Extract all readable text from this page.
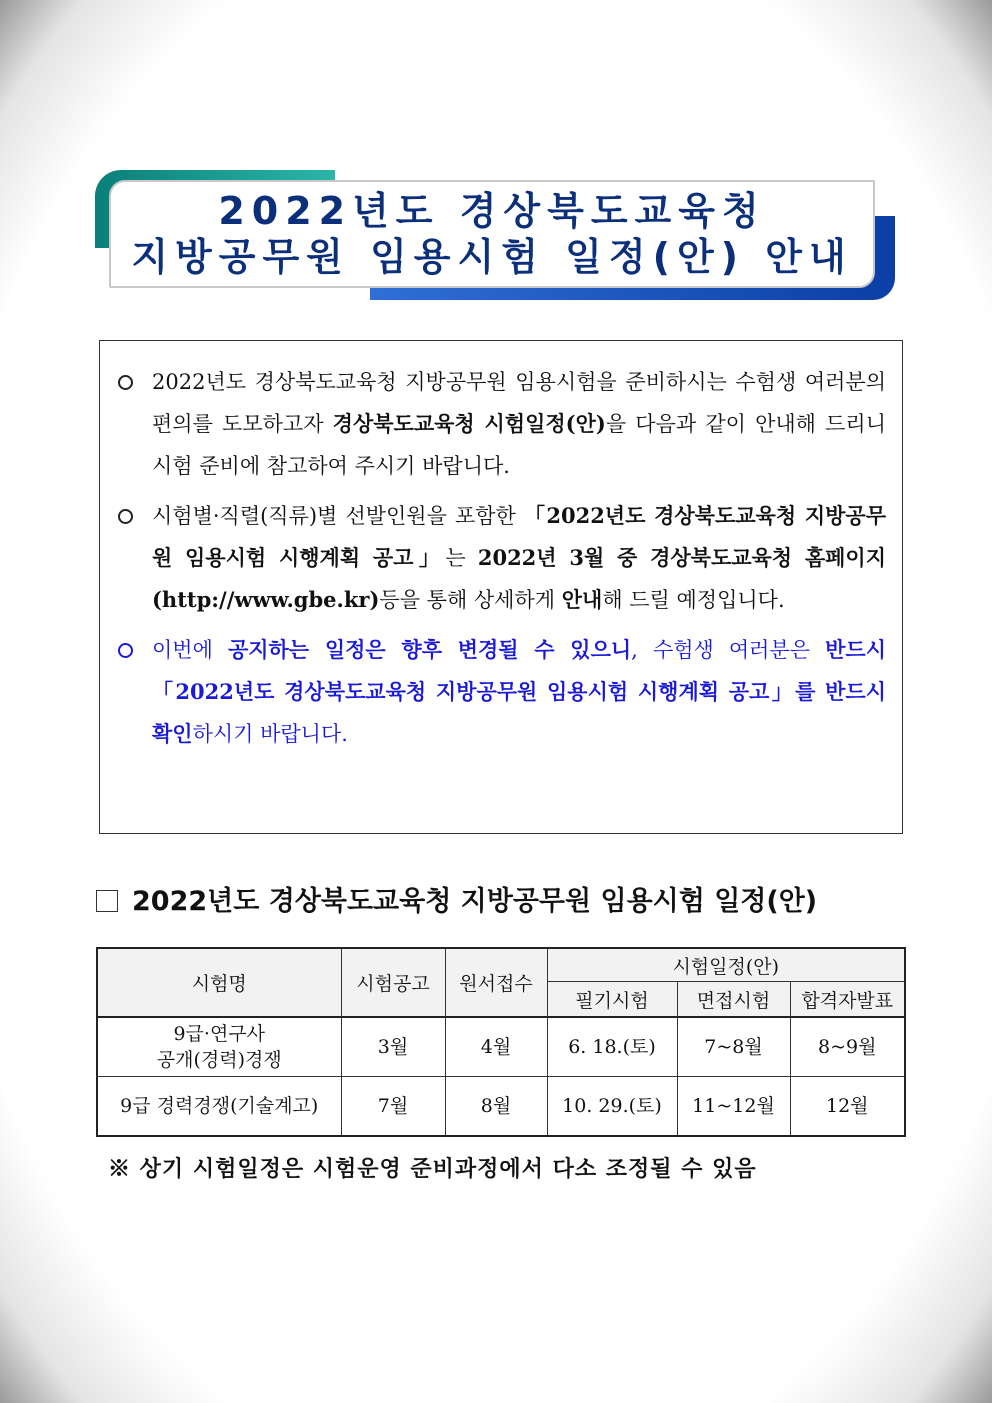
2022년도 경상북도교육청
지방공무원 임용시험 일정(안) 안내
2022년도 경상북도교육청 지방공무원 임용시험을 준비하시는 수험생 여러분의 편의를 도모하고자 경상북도교육청 시험일정(안)을 다음과 같이 안내해 드리니 시험 준비에 참고하여 주시기 바랍니다.
시험별·직렬(직류)별 선발인원을 포함한 「2022년도 경상북도교육청 지방공무원 임용시험 시행계획 공고」는 2022년 3월 중 경상북도교육청 홈페이지(http://www.gbe.kr)등을 통해 상세하게 안내해 드릴 예정입니다.
이번에 공지하는 일정은 향후 변경될 수 있으니, 수험생 여러분은 반드시 「2022년도 경상북도교육청 지방공무원 임용시험 시행계획 공고」를 반드시 확인하시기 바랍니다.
2022년도 경상북도교육청 지방공무원 임용시험 일정(안)
시험명	시험공고	원서접수	시험일정(안)		
			필기시험	면접시험	합격자발표

9급·연구사
공개(경력)경쟁	3월	4월	6. 18.(토)	7~8월	8~9월
9급 경력경쟁(기술계고)	7월	8월	10. 29.(토)	11~12월	12월
※ 상기 시험일정은 시험운영 준비과정에서 다소 조정될 수 있음
